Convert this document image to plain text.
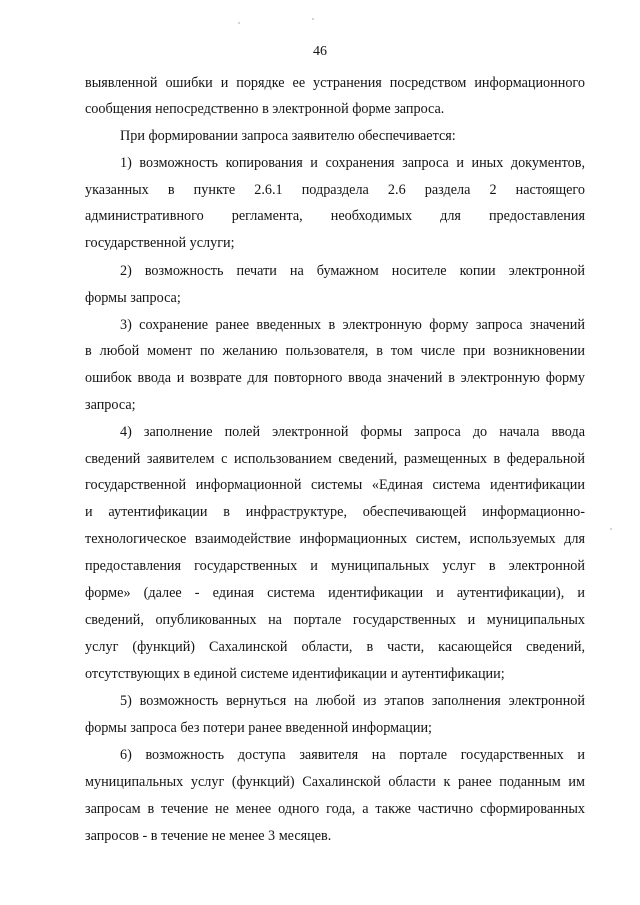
46
выявленной ошибки и порядке ее устранения посредством информационного
сообщения непосредственно в электронной форме запроса.
При формировании запроса заявителю обеспечивается:
1) возможность копирования и сохранения запроса и иных документов,
указанных в пункте 2.6.1 подраздела 2.6 раздела 2 настоящего
административного регламента, необходимых для предоставления
государственной услуги;
2) возможность печати на бумажном носителе копии электронной
формы запроса;
3) сохранение ранее введенных в электронную форму запроса значений
в любой момент по желанию пользователя, в том числе при возникновении
ошибок ввода и возврате для повторного ввода значений в электронную форму
запроса;
4) заполнение полей электронной формы запроса до начала ввода
сведений заявителем с использованием сведений, размещенных в федеральной
государственной информационной системы «Единая система идентификации
и аутентификации в инфраструктуре, обеспечивающей информационно-
технологическое взаимодействие информационных систем, используемых для
предоставления государственных и муниципальных услуг в электронной
форме» (далее - единая система идентификации и аутентификации), и
сведений, опубликованных на портале государственных и муниципальных
услуг (функций) Сахалинской области, в части, касающейся сведений,
отсутствующих в единой системе идентификации и аутентификации;
5) возможность вернуться на любой из этапов заполнения электронной
формы запроса без потери ранее введенной информации;
6) возможность доступа заявителя на портале государственных и
муниципальных услуг (функций) Сахалинской области к ранее поданным им
запросам в течение не менее одного года, а также частично сформированных
запросов - в течение не менее 3 месяцев.
